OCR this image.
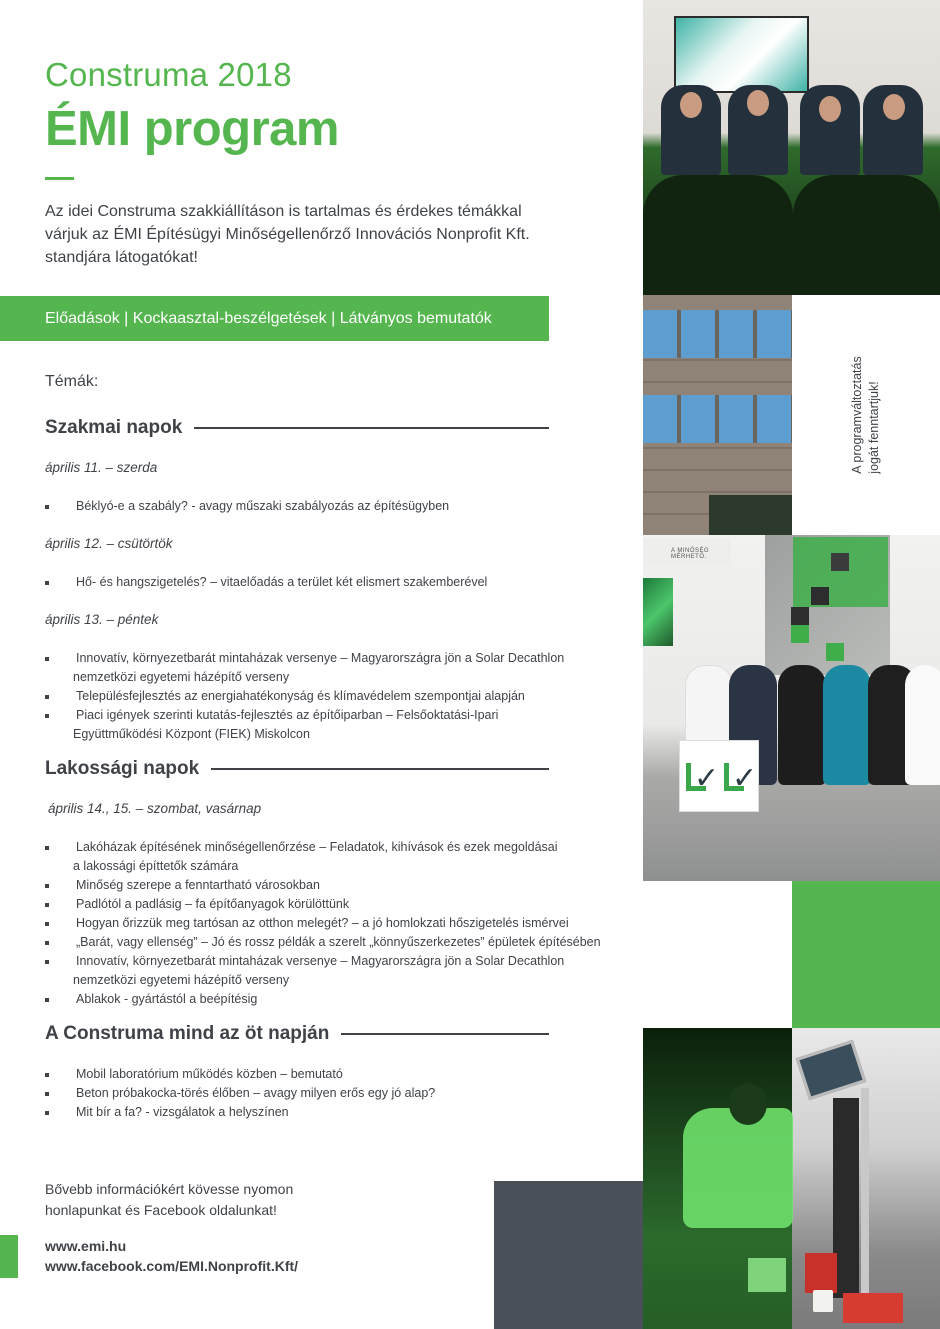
Construma 2018
ÉMI program

Az idei Construma szakkiállításon is tartalmas és érdekes témákkal várjuk az ÉMI Építésügyi Minőségellenőrző Innovációs Nonprofit Kft. standjára látogatókat!

Előadások | Kockaasztal-beszélgetések | Látványos bemutatók
Témák:
Szakmai napok
április 11. – szerda
Béklyó-e a szabály? - avagy műszaki szabályozás az építésügyben
április 12. – csütörtök
Hő- és hangszigetelés? – vitaelőadás a terület két elismert szakemberével
április 13. – péntek
Innovatív, környezetbarát mintaházak versenye – Magyarországra jön a Solar Decathlon
nemzetközi egyetemi házépítő verseny
Településfejlesztés az energiahatékonyság és klímavédelem szempontjai alapján
Piaci igények szerinti kutatás-fejlesztés az építőiparban – Felsőoktatási-Ipari
Együttműködési Központ (FIEK) Miskolcon
Lakossági napok
április 14., 15. – szombat, vasárnap
Lakóházak építésének minőségellenőrzése – Feladatok, kihívások és ezek megoldásai
a lakossági építtetők számára
Minőség szerepe a fenntartható városokban
Padlótól a padlásig – fa építőanyagok körülöttünk
Hogyan őrizzük meg tartósan az otthon melegét? – a jó homlokzati hőszigetelés ismérvei
„Barát, vagy ellenség” – Jó és rossz példák a szerelt „könnyűszerkezetes” épületek építésében
Innovatív, környezetbarát mintaházak versenye – Magyarországra jön a Solar Decathlon
nemzetközi egyetemi házépítő verseny
Ablakok - gyártástól a beépítésig
A Construma mind az öt napján
Mobil laboratórium működés közben – bemutató
Beton próbakocka-törés élőben – avagy milyen erős egy jó alap?
Mit bír a fa? - vizsgálatok a helyszínen
Bővebb információkért kövesse nyomon
honlapunkat és Facebook oldalunkat!
www.emi.hu
www.facebook.com/EMI.Nonprofit.Kft/
A programváltoztatás jogát fenntartjuk!
A MINŐSÉG MÉRHETŐ.
✓ ✓
